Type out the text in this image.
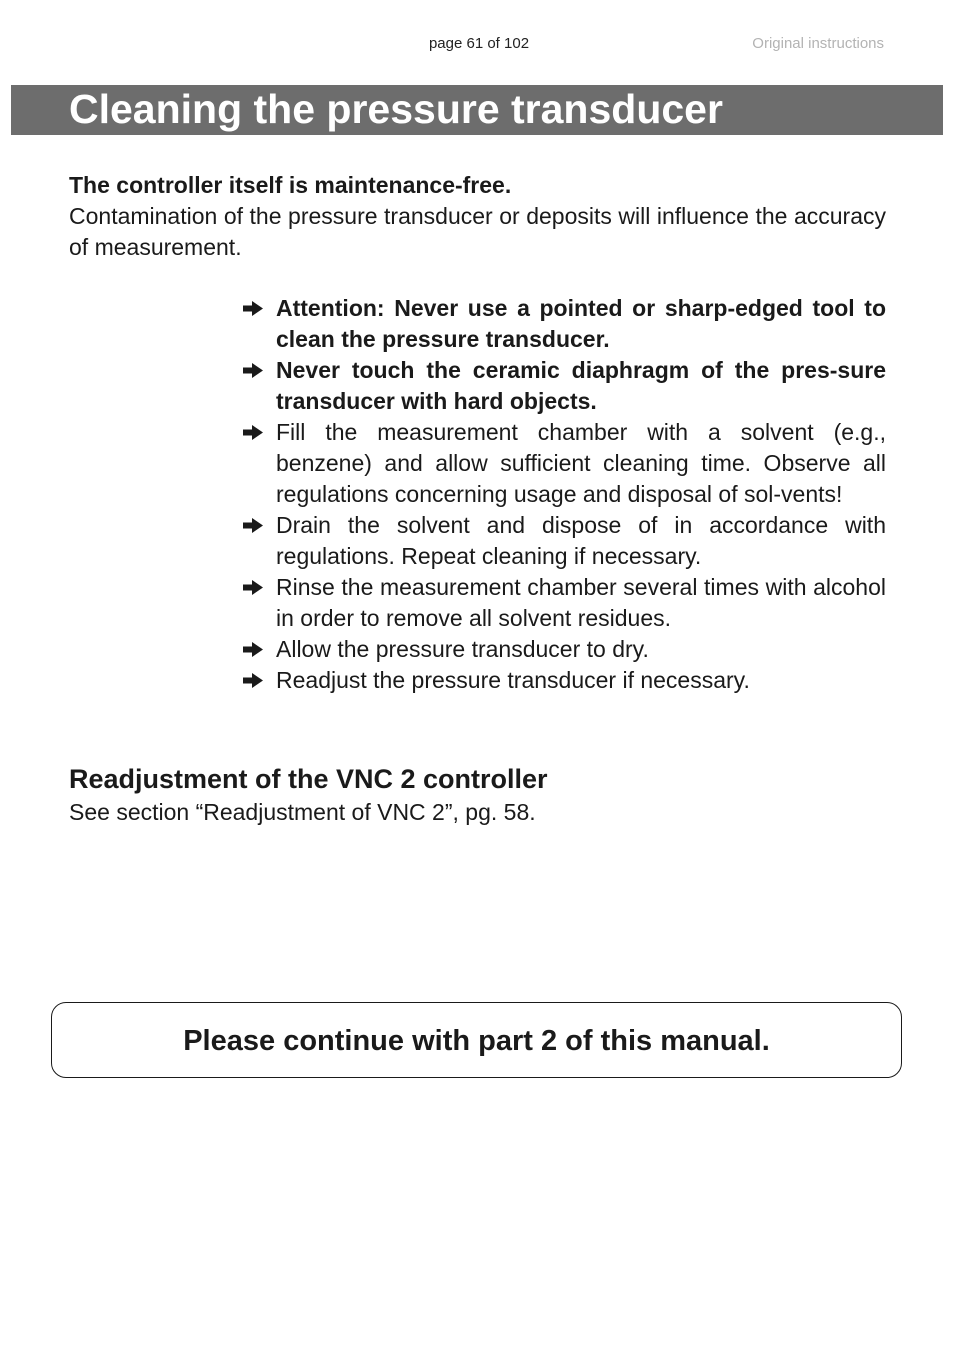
page 61 of 102	Original instructions
Cleaning the pressure transducer
The controller itself is maintenance-free.
Contamination of the pressure transducer or deposits will influence the accuracy of measurement.
Attention: Never use a pointed or sharp-edged tool to clean the pressure transducer.
Never touch the ceramic diaphragm of the pres-sure transducer with hard objects.
Fill the measurement chamber with a solvent (e.g., benzene) and allow sufficient cleaning time. Observe all regulations concerning usage and disposal of sol-vents!
Drain the solvent and dispose of in accordance with regulations. Repeat cleaning if necessary.
Rinse the measurement chamber several times with alcohol in order to remove all solvent residues.
Allow the pressure transducer to dry.
Readjust the pressure transducer if necessary.
Readjustment of the VNC 2 controller
See section “Readjustment of VNC 2”, pg. 58.
Please continue with part 2 of this manual.
